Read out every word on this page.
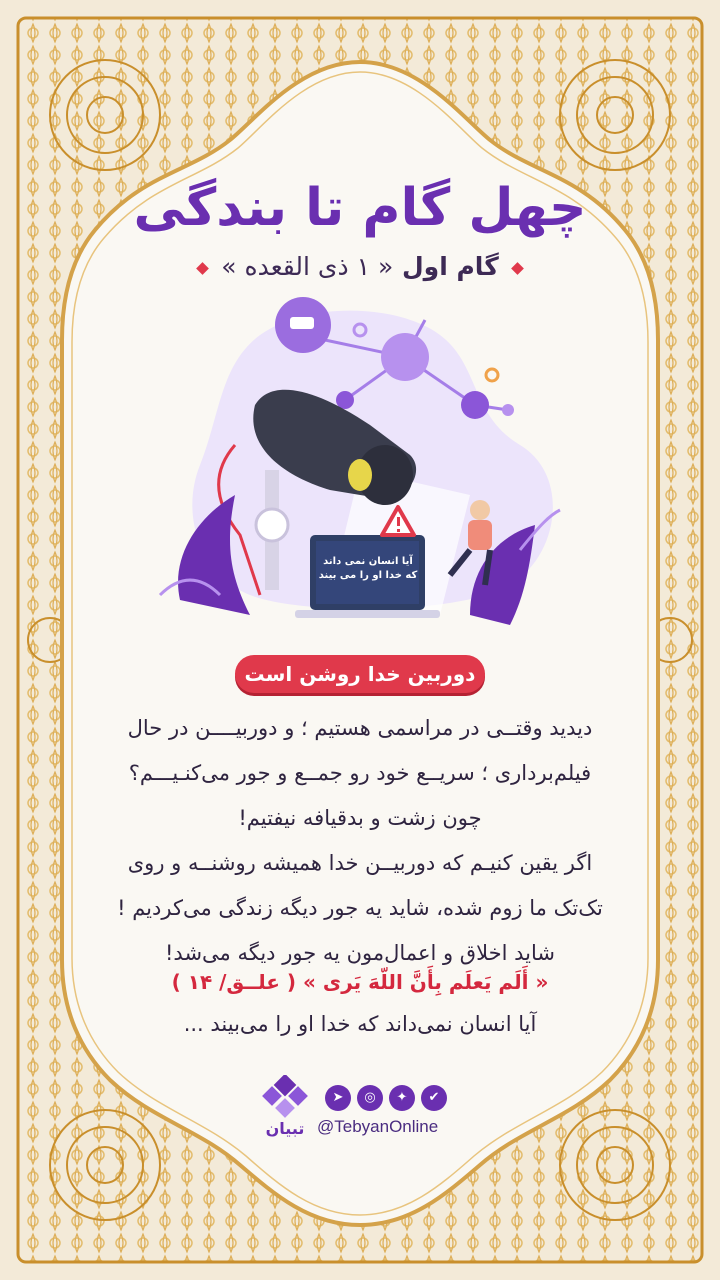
چهل گام تا بندگی
گام اول « ۱ ذی القعده »
آیا انسان نمی داند
که خدا او را می بیند
دوربین خدا روشن است
دیدید وقتــی در مراسمی هستیم ؛ و دوربیــــن در حال
فیلم‌برداری ؛ سریــع خود رو جمــع و جور می‌کنـیـــم؟
چون زشت و بدقیافه نیفتیم!
اگر یقین کنیـم که دوربیــن خدا همیشه روشنــه و روی
تک‌تک ما زوم شده، شاید یه جور دیگه زندگی می‌کردیم !
شاید اخلاق و اعمال‌مون یه جور دیگه می‌شد!
« أَلَم یَعلَم بِأَنَّ اللّهَ یَری » ( علــق/ ۱۴ )
آیا انسان نمی‌داند که خدا او را می‌بیند ...
تبیان
➤	◎	✦	✔
@TebyanOnline
